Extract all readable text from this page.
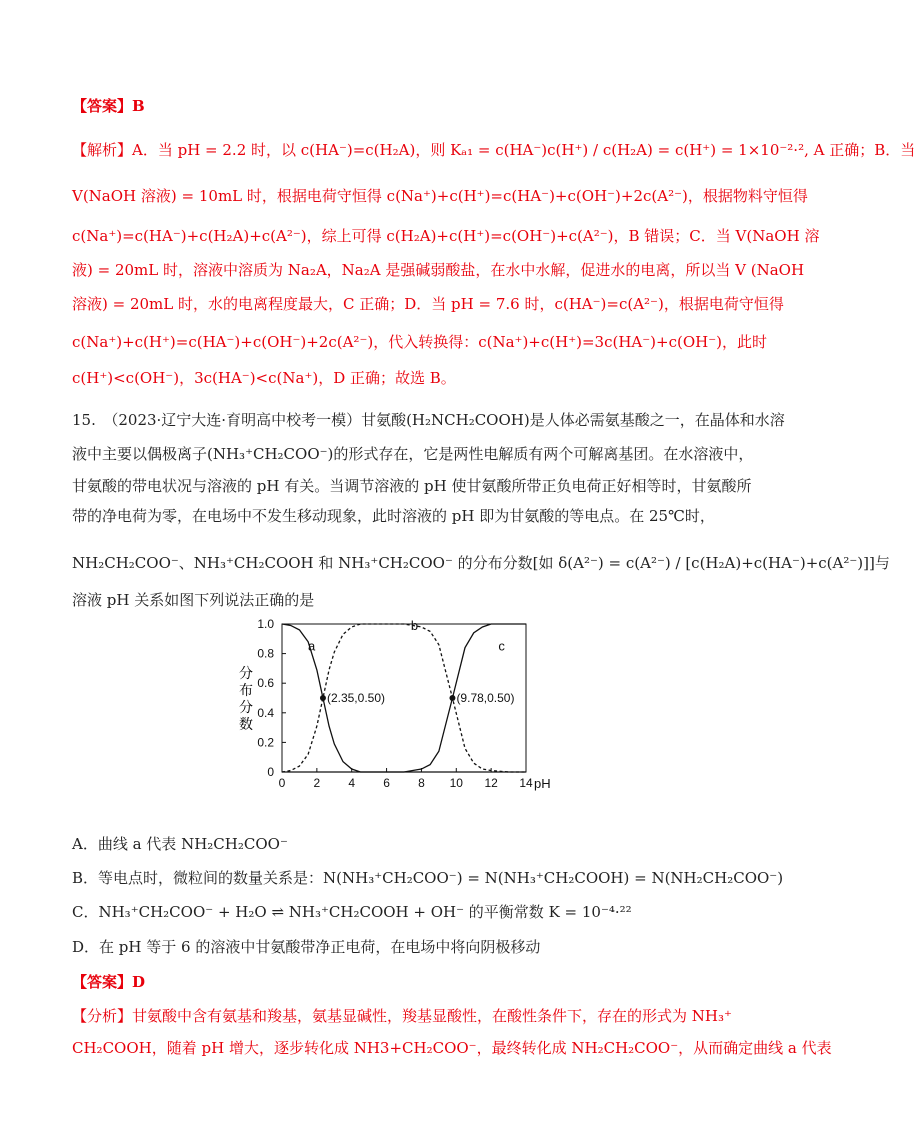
【答案】B
【解析】A．当 pH = 2.2 时，以 c(HA⁻)=c(H₂A)，则 Kₐ₁ = c(HA⁻)c(H⁺) / c(H₂A) = c(H⁺) = 1×10⁻²·², A 正确；B．当
V(NaOH 溶液) = 10mL 时，根据电荷守恒得 c(Na⁺)+c(H⁺)=c(HA⁻)+c(OH⁻)+2c(A²⁻)，根据物料守恒得
c(Na⁺)=c(HA⁻)+c(H₂A)+c(A²⁻)，综上可得 c(H₂A)+c(H⁺)=c(OH⁻)+c(A²⁻)，B 错误；C．当 V(NaOH 溶
液) = 20mL 时，溶液中溶质为 Na₂A，Na₂A 是强碱弱酸盐，在水中水解，促进水的电离，所以当 V (NaOH
溶液) = 20mL 时，水的电离程度最大，C 正确；D．当 pH = 7.6 时，c(HA⁻)=c(A²⁻)，根据电荷守恒得
c(Na⁺)+c(H⁺)=c(HA⁻)+c(OH⁻)+2c(A²⁻)，代入转换得：c(Na⁺)+c(H⁺)=3c(HA⁻)+c(OH⁻)，此时
c(H⁺)<c(OH⁻)，3c(HA⁻)<c(Na⁺)，D 正确；故选 B。
15.　（2023·辽宁大连·育明高中校考一模）甘氨酸(H₂NCH₂COOH)是人体必需氨基酸之一，在晶体和水溶
液中主要以偶极离子(NH₃⁺CH₂COO⁻)的形式存在，它是两性电解质有两个可解离基团。在水溶液中，
甘氨酸的带电状况与溶液的 pH 有关。当调节溶液的 pH 使甘氨酸所带正负电荷正好相等时，甘氨酸所
带的净电荷为零，在电场中不发生移动现象，此时溶液的 pH 即为甘氨酸的等电点。在 25℃时，
NH₂CH₂COO⁻、NH₃⁺CH₂COOH 和 NH₃⁺CH₂COO⁻ 的分布分数[如 δ(A²⁻) = c(A²⁻) / [c(H₂A)+c(HA⁻)+c(A²⁻)]]与
溶液 pH 关系如图下列说法正确的是
分布分数
0 2 4 6 8 10 12 14 pH
0
0.2
0.4
0.6
0.8
1.0
a
b
c
(2.35,0.50)	(9.78,0.50)
A．曲线 a 代表 NH₂CH₂COO⁻
B．等电点时，微粒间的数量关系是：N(NH₃⁺CH₂COO⁻) = N(NH₃⁺CH₂COOH) = N(NH₂CH₂COO⁻)
C．NH₃⁺CH₂COO⁻ + H₂O ⇌ NH₃⁺CH₂COOH + OH⁻ 的平衡常数 K = 10⁻⁴·²²
D．在 pH 等于 6 的溶液中甘氨酸带净正电荷，在电场中将向阴极移动
【答案】D
【分析】甘氨酸中含有氨基和羧基，氨基显碱性，羧基显酸性，在酸性条件下，存在的形式为 NH₃⁺
CH₂COOH，随着 pH 增大，逐步转化成 NH3+CH₂COO⁻，最终转化成 NH₂CH₂COO⁻，从而确定曲线 a 代表
